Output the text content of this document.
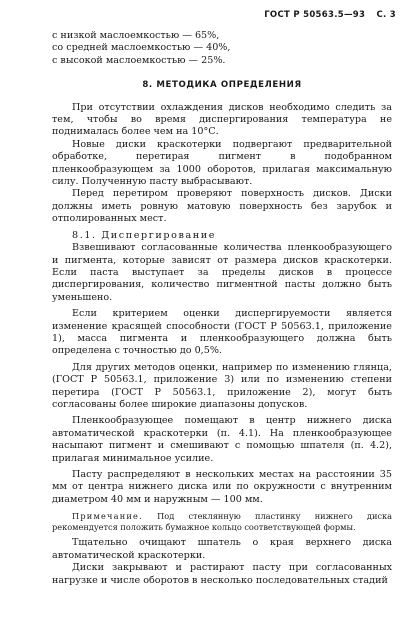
ГОСТ Р 50563.5—93 С. 3

с низкой маслоемкостью — 65%,

со средней маслоемкостью — 40%,

с высокой маслоемкостью — 25%.

8. МЕТОДИКА ОПРЕДЕЛЕНИЯ

При отсутствии охлаждения дисков необходимо следить за тем, чтобы во время диспергирования температура не поднималась более чем на 10°С.

Новые диски краскотерки подвергают предварительной обработке, перетирая пигмент в подобранном пленкообразующем за 1000 оборотов, прилагая максимальную силу. Полученную пасту выбрасывают.

Перед перетиром проверяют поверхность дисков. Диски должны иметь ровную матовую поверхность без зарубок и отполированных мест.

8.1. Диспергирование

Взвешивают согласованные количества пленкообразующего и пигмента, которые зависят от размера дисков краскотерки. Если паста выступает за пределы дисков в процессе диспергирования, количество пигментной пасты должно быть уменьшено.

Если критерием оценки диспергируемости является изменение красящей способности (ГОСТ Р 50563.1, приложение 1), масса пигмента и пленкообразующего должна быть определена с точностью до 0,5%.

Для других методов оценки, например по изменению глянца, (ГОСТ Р 50563.1, приложение 3) или по изменению степени перетира (ГОСТ Р 50563.1, приложение 2), могут быть согласованы более широкие диапазоны допусков.

Пленкообразующее помещают в центр нижнего диска автоматической краскотерки (п. 4.1). На пленкообразующее насыпают пигмент и смешивают с помощью шпателя (п. 4.2), прилагая минимальное усилие.

Пасту распределяют в нескольких местах на расстоянии 35 мм от центра нижнего диска или по окружности с внутренним диаметром 40 мм и наружным — 100 мм.

Примечание. Под стеклянную пластинку нижнего диска рекомендуется положить бумажное кольцо соответствующей формы.

Тщательно очищают шпатель о края верхнего диска автоматической краскотерки.

Диски закрывают и растирают пасту при согласованных нагрузке и числе оборотов в несколько последовательных стадий
